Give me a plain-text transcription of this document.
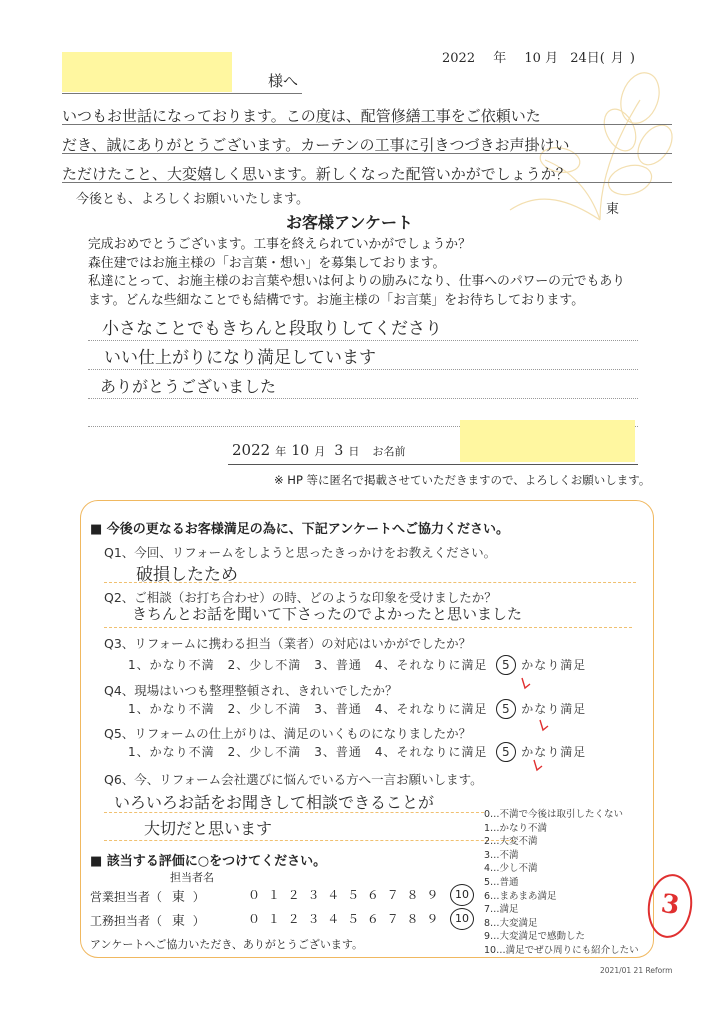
2022 年 10 月 24日( 月 )
様へ
いつもお世話になっております。この度は、配管修繕工事をご依頼いた
だき、誠にありがとうございます。カーテンの工事に引きつづきお声掛けい
ただけたこと、大変嬉しく思います。新しくなった配管いかがでしょうか？
今後とも、よろしくお願いいたします。
東
お客様アンケート
完成おめでとうございます。工事を終えられていかがでしょうか？
森住建ではお施主様の「お言葉・想い」を募集しております。
私達にとって、お施主様のお言葉や想いは何よりの励みになり、仕事へのパワーの元でもあり
ます。どんな些細なことでも結構です。お施主様の「お言葉」をお待ちしております。
小さなことでもきちんと段取りしてくださり
いい仕上がりになり満足しています
ありがとうございました
2022 年 10 月 3 日 お名前
※ HP 等に匿名で掲載させていただきますので、よろしくお願いします。
■ 今後の更なるお客様満足の為に、下記アンケートへご協力ください。
Q1、今回、リフォームをしようと思ったきっかけをお教えください。
破損したため
Q2、ご相談（お打ち合わせ）の時、どのような印象を受けましたか？
きちんとお話を聞いて下さったのでよかったと思いました
Q3、リフォームに携わる担当（業者）の対応はいかがでしたか？
1、かなり不満　2、少し不満　3、普通　4、それなりに満足 5 かなり満足
Q4、現場はいつも整理整頓され、きれいでしたか？
1、かなり不満　2、少し不満　3、普通　4、それなりに満足 5 かなり満足
Q5、リフォームの仕上がりは、満足のいくものになりましたか？
1、かなり不満　2、少し不満　3、普通　4、それなりに満足 5 かなり満足
Q6、今、リフォーム会社選びに悩んでいる方へ一言お願いします。
いろいろお話をお聞きして相談できることが
大切だと思います
■ 該当する評価に○をつけてください。
担当者名
営業担当者（ 東 ）	０ １ ２ ３ ４ ５ ６ ７ ８ ９	10
工務担当者（ 東 ）	０ １ ２ ３ ４ ５ ６ ７ ８ ９	10
アンケートへご協力いただき、ありがとうございます。
0…不満で今後は取引したくない
1…かなり不満
2…大変不満
3…不満
4…少し不満
5…普通
6…まあまあ満足
7…満足
8…大変満足
9…大変満足で感動した
10…満足でぜひ周りにも紹介したい
3
2021/01 21 Reform
